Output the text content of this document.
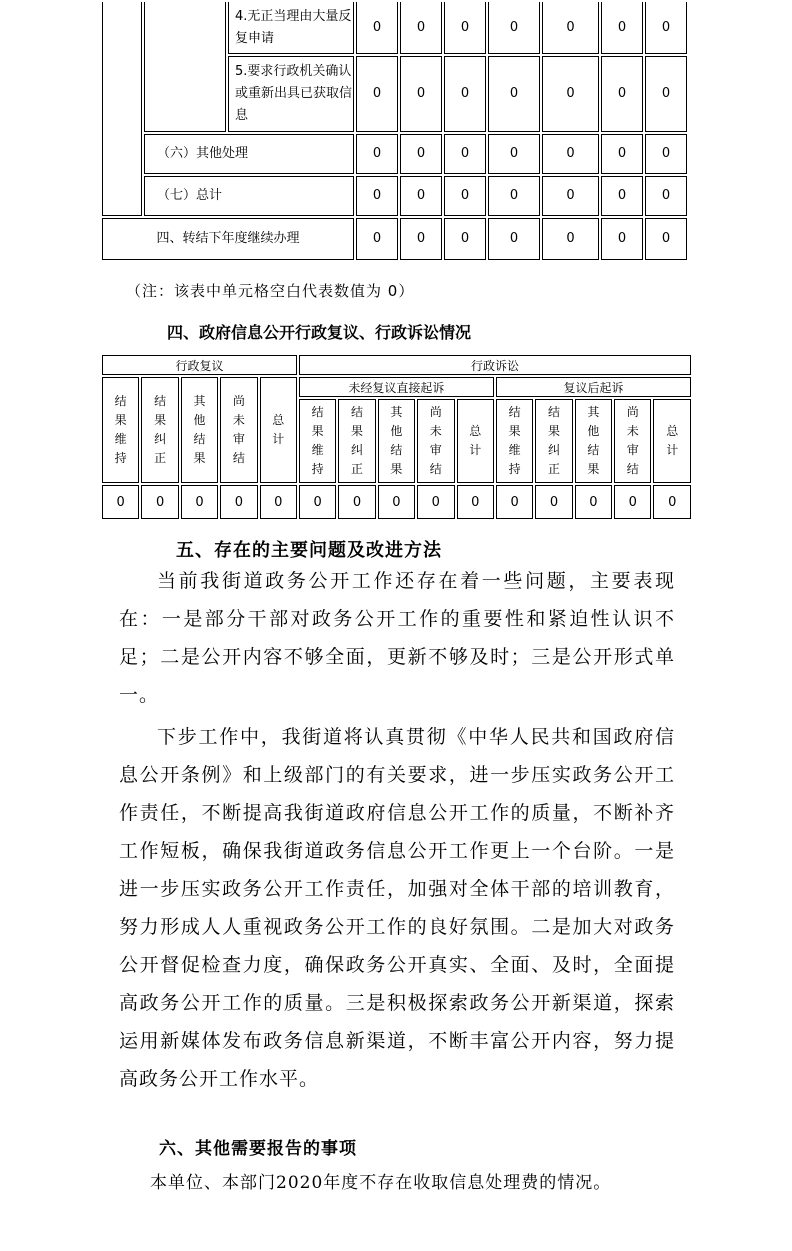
		4.无正当理由大量反复申请	0	0	0	0	0	0	0
		5.要求行政机关确认或重新出具已获取信息	0	0	0	0	0	0	0
	（六）其他处理		0	0	0	0	0	0	0
	（七）总计		0	0	0	0	0	0	0
四、转结下年度继续办理			0	0	0	0	0	0	0
（注：该表中单元格空白代表数值为 0）
四、政府信息公开行政复议、行政诉讼情况
行政复议					行政诉讼									

结果维持	结果纠正	其他结果	尚未审结	总计	未经复议直接起诉					复议后起诉				

					结果维持	结果纠正	其他结果	尚未审结	总计	结果维持	结果纠正	其他结果	尚未审结	总计

0	0	0	0	0	0	0	0	0	0	0	0	0	0	0
五、存在的主要问题及改进方法

当前我街道政务公开工作还存在着一些问题，主要表现在：一是部分干部对政务公开工作的重要性和紧迫性认识不足；二是公开内容不够全面，更新不够及时；三是公开形式单一。

下步工作中，我街道将认真贯彻《中华人民共和国政府信息公开条例》和上级部门的有关要求，进一步压实政务公开工作责任，不断提高我街道政府信息公开工作的质量，不断补齐工作短板，确保我街道政务信息公开工作更上一个台阶。一是进一步压实政务公开工作责任，加强对全体干部的培训教育，努力形成人人重视政务公开工作的良好氛围。二是加大对政务公开督促检查力度，确保政务公开真实、全面、及时，全面提高政务公开工作的质量。三是积极探索政务公开新渠道，探索运用新媒体发布政务信息新渠道，不断丰富公开内容，努力提高政务公开工作水平。

六、其他需要报告的事项
本单位、本部门2020年度不存在收取信息处理费的情况。
